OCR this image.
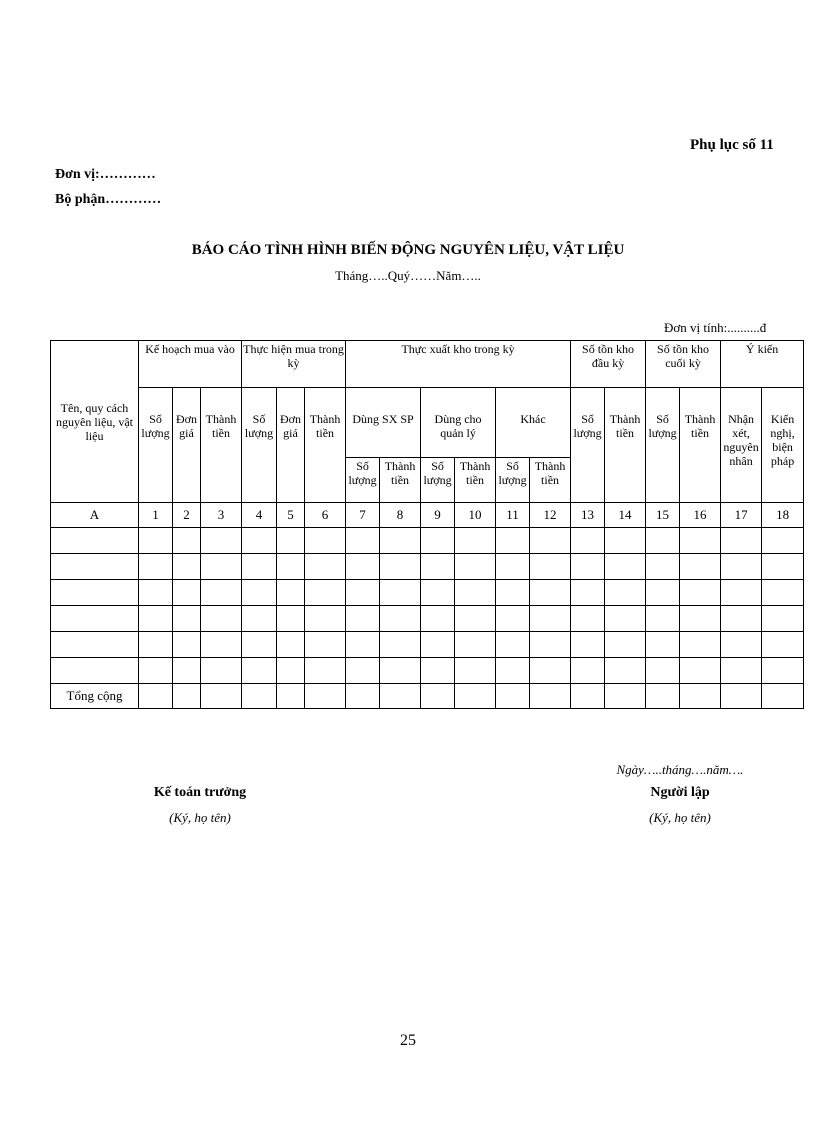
Phụ lục số 11
Đơn vị:…………
Bộ phận…………
BÁO CÁO TÌNH HÌNH BIẾN ĐỘNG NGUYÊN LIỆU, VẬT LIỆU
Tháng…..Quý……Năm…..
Đơn vị tính:..........đ
Tên, quy cách nguyên liệu, vật liệu	Kế hoạch mua vào			Thực hiện mua trong kỳ			Thực xuất kho trong kỳ						Số tồn kho đầu kỳ		Số tồn kho cuối kỳ		Ý kiến	
	Số lượng	Đơn giá	Thành tiền	Số lượng	Đơn giá	Thành tiền	Dùng SX SP		Dùng cho quản lý		Khác		Số lượng	Thành tiền	Số lượng	Thành tiền	Nhận xét, nguyên nhân	Kiến nghị, biện pháp
							Số lượng	Thành tiền	Số lượng	Thành tiền	Số lượng	Thành tiền						
A	1	2	3	4	5	6	7	8	9	10	11	12	13	14	15	16	17	18

Tổng cộng																		
Ngày…..tháng….năm….
Kế toán trưởng
(Ký, họ tên)
Người lập
(Ký, họ tên)
25
